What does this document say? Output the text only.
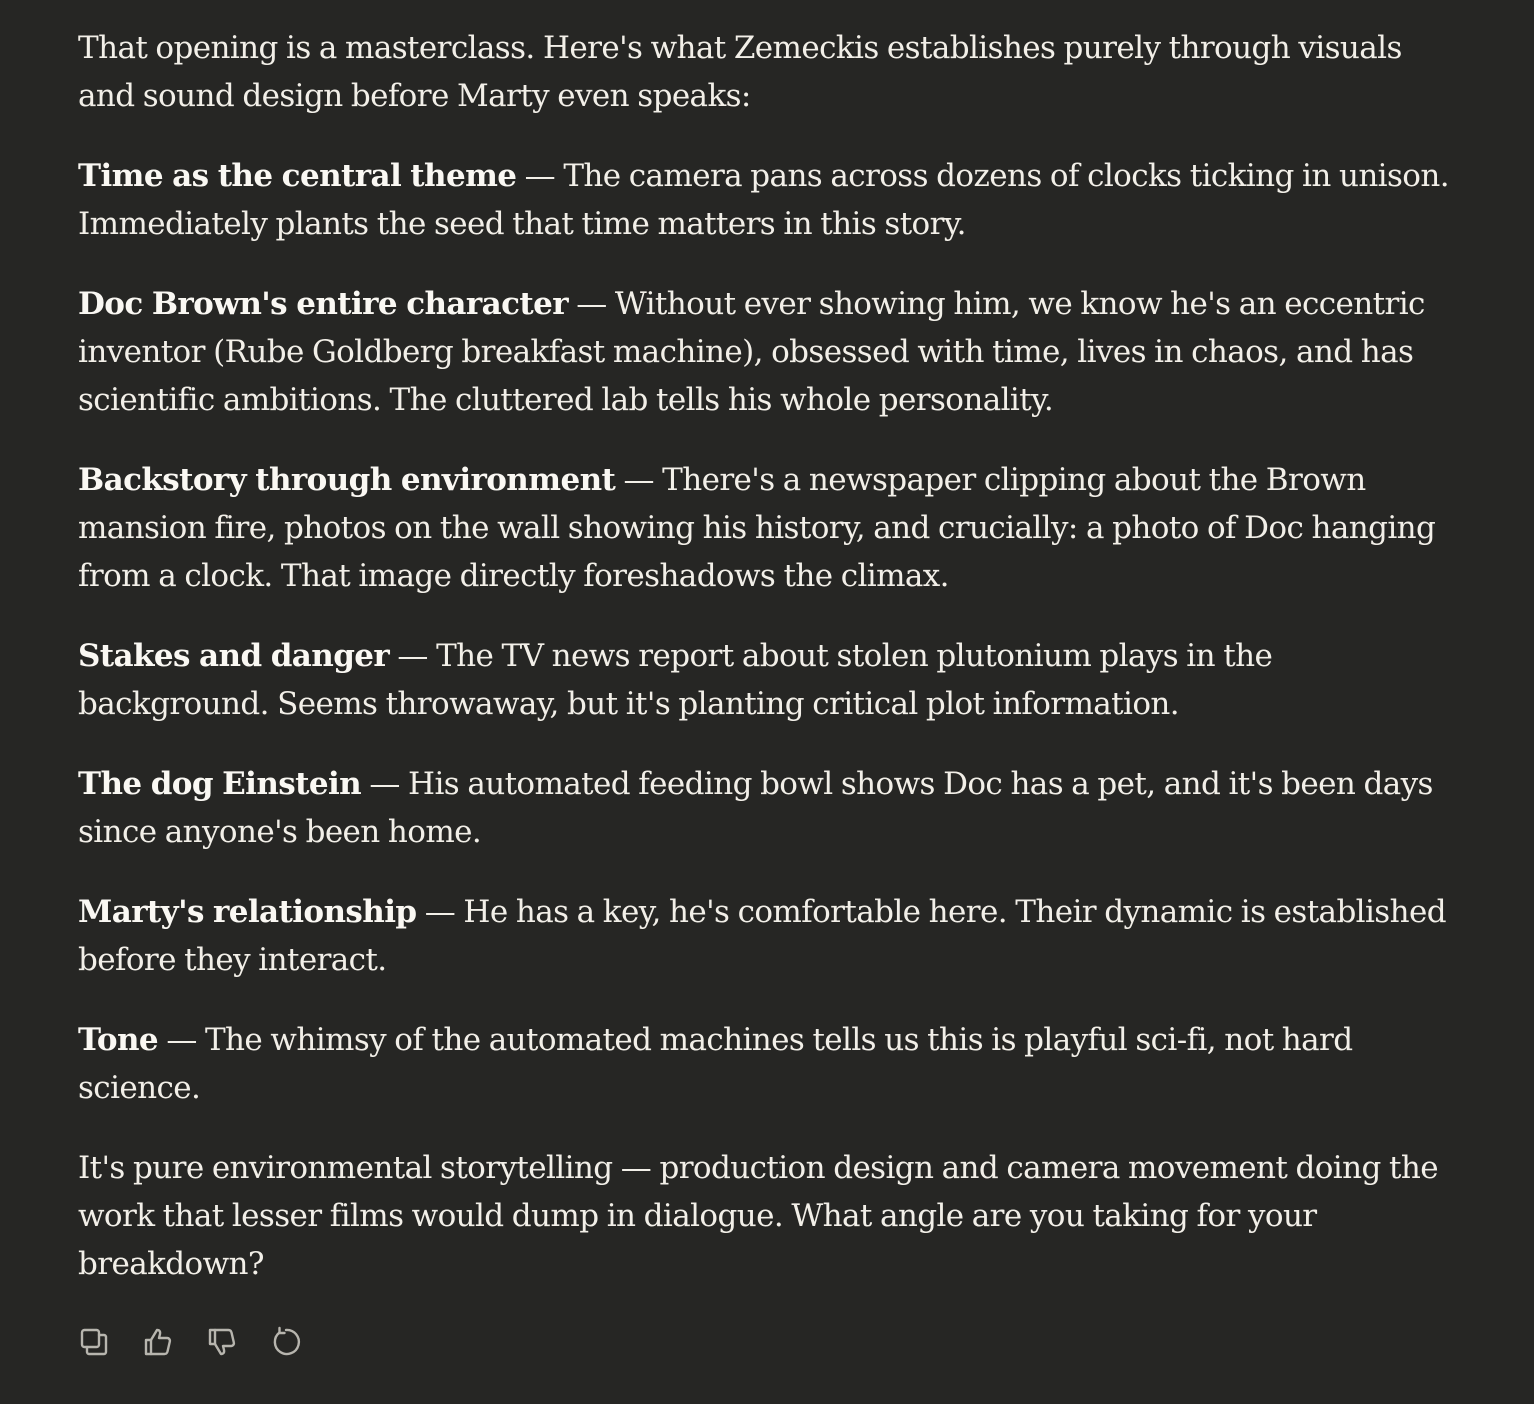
That opening is a masterclass. Here's what Zemeckis establishes purely through visuals and sound design before Marty even speaks:

Time as the central theme — The camera pans across dozens of clocks ticking in unison. Immediately plants the seed that time matters in this story.

Doc Brown's entire character — Without ever showing him, we know he's an eccentric inventor (Rube Goldberg breakfast machine), obsessed with time, lives in chaos, and has scientific ambitions. The cluttered lab tells his whole personality.

Backstory through environment — There's a newspaper clipping about the Brown mansion fire, photos on the wall showing his history, and crucially: a photo of Doc hanging from a clock. That image directly foreshadows the climax.

Stakes and danger — The TV news report about stolen plutonium plays in the background. Seems throwaway, but it's planting critical plot information.

The dog Einstein — His automated feeding bowl shows Doc has a pet, and it's been days since anyone's been home.

Marty's relationship — He has a key, he's comfortable here. Their dynamic is established before they interact.

Tone — The whimsy of the automated machines tells us this is playful sci-fi, not hard science.

It's pure environmental storytelling — production design and camera movement doing the work that lesser films would dump in dialogue. What angle are you taking for your breakdown?
